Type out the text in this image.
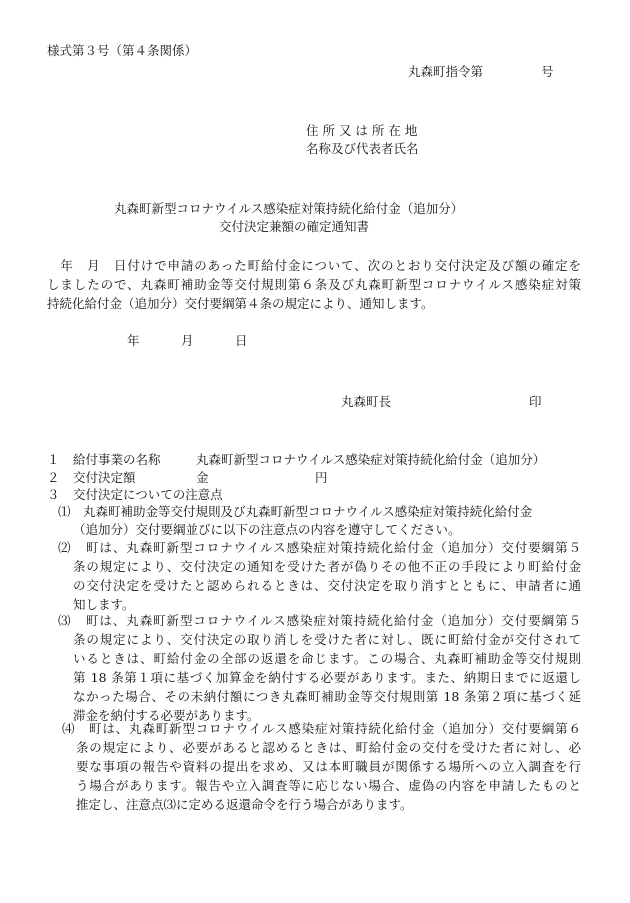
様式第３号（第４条関係）
丸森町指令第	号
住 所 又 は 所 在 地
名称及び代表者氏名
丸森町新型コロナウイルス感染症対策持続化給付金（追加分）
交付決定兼額の確定通知書
　年　月　日付けで申請のあった町給付金について、次のとおり交付決定及び額の確定を
しましたので、丸森町補助金等交付規則第６条及び丸森町新型コロナウイルス感染症対策
持続化給付金（追加分）交付要綱第４条の規定により、通知します。
年	月	日
丸森町長	印
１ 給付事業の名称	丸森町新型コロナウイルス感染症対策持続化給付金（追加分）
２ 交付決定額	金	円
３ 交付決定についての注意点
⑴ 丸森町補助金等交付規則及び丸森町新型コロナウイルス感染症対策持続化給付金
（追加分）交付要綱並びに以下の注意点の内容を遵守してください。
⑵	町は、丸森町新型コロナウイルス感染症対策持続化給付金（追加分）交付要綱第５
条の規定により、交付決定の通知を受けた者が偽りその他不正の手段により町給付金
の交付決定を受けたと認められるときは、交付決定を取り消すとともに、申請者に通
知します。
⑶	町は、丸森町新型コロナウイルス感染症対策持続化給付金（追加分）交付要綱第５
条の規定により、交付決定の取り消しを受けた者に対し、既に町給付金が交付されて
いるときは、町給付金の全部の返還を命じます。この場合、丸森町補助金等交付規則
第 18 条第１項に基づく加算金を納付する必要があります。また、納期日までに返還し
なかった場合、その未納付額につき丸森町補助金等交付規則第 18 条第２項に基づく延
滞金を納付する必要があります。
⑷	町は、丸森町新型コロナウイルス感染症対策持続化給付金（追加分）交付要綱第６
条の規定により、必要があると認めるときは、町給付金の交付を受けた者に対し、必
要な事項の報告や資料の提出を求め、又は本町職員が関係する場所への立入調査を行
う場合があります。報告や立入調査等に応じない場合、虚偽の内容を申請したものと
推定し、注意点⑶に定める返還命令を行う場合があります。
